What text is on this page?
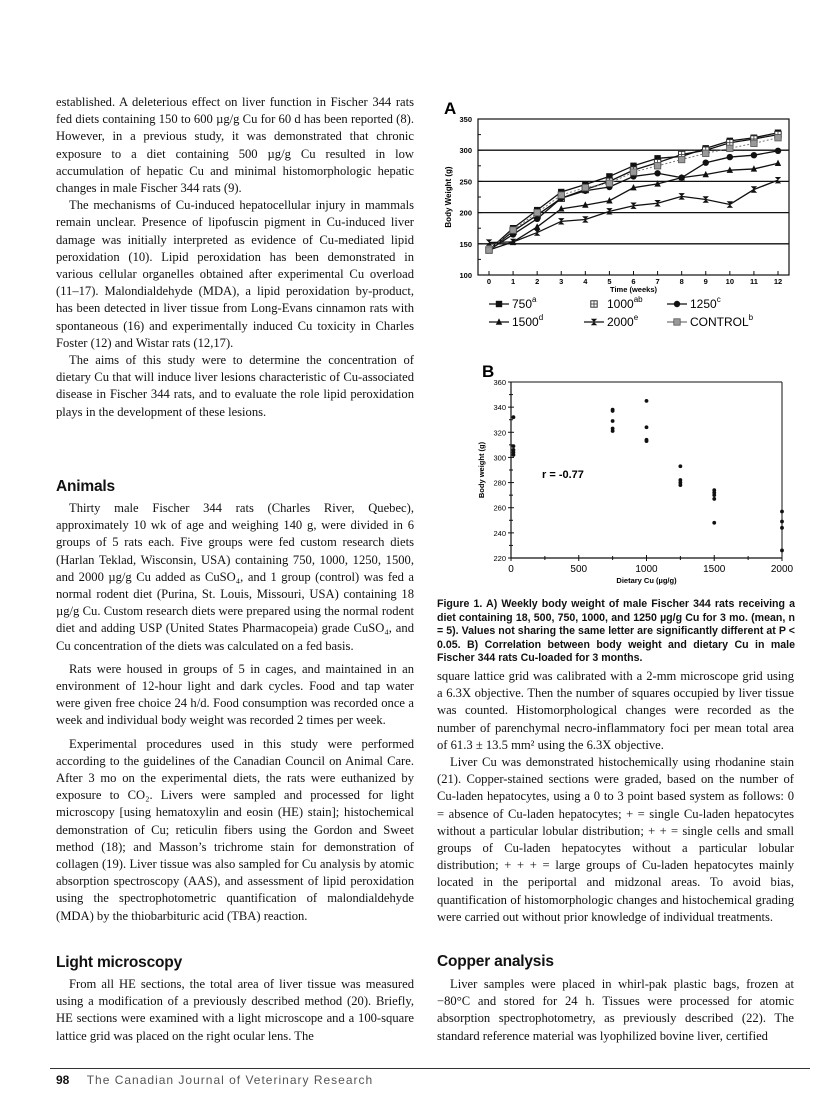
established. A deleterious effect on liver function in Fischer 344 rats fed diets containing 150 to 600 µg/g Cu for 60 d has been reported (8). However, in a previous study, it was demonstrated that chronic exposure to a diet containing 500 µg/g Cu resulted in low accumulation of hepatic Cu and minimal histomorphologic hepatic changes in male Fischer 344 rats (9).

The mechanisms of Cu-induced hepatocellular injury in mammals remain unclear. Presence of lipofuscin pigment in Cu-induced liver damage was initially interpreted as evidence of Cu-mediated lipid peroxidation (10). Lipid peroxidation has been demonstrated in various cellular organelles obtained after experimental Cu overload (11–17). Malondialdehyde (MDA), a lipid peroxidation by-product, has been detected in liver tissue from Long-Evans cinnamon rats with spontaneous (16) and experimentally induced Cu toxicity in Charles Foster (12) and Wistar rats (12,17).

The aims of this study were to determine the concentration of dietary Cu that will induce liver lesions characteristic of Cu-associated disease in Fischer 344 rats, and to evaluate the role lipid peroxidation plays in the development of these lesions.

Animals

Thirty male Fischer 344 rats (Charles River, Quebec), approximately 10 wk of age and weighing 140 g, were divided in 6 groups of 5 rats each. Five groups were fed custom research diets (Harlan Teklad, Wisconsin, USA) containing 750, 1000, 1250, 1500, and 2000 µg/g Cu added as CuSO₄, and 1 group (control) was fed a normal rodent diet (Purina, St. Louis, Missouri, USA) containing 18 µg/g Cu. Custom research diets were prepared using the normal rodent diet and adding USP (United States Pharmacopeia) grade CuSO₄, and Cu concentration of the diets was calculated on a fed basis.

Rats were housed in groups of 5 in cages, and maintained in an environment of 12-hour light and dark cycles. Food and tap water were given free choice 24 h/d. Food consumption was recorded once a week and individual body weight was recorded 2 times per week.

Experimental procedures used in this study were performed according to the guidelines of the Canadian Council on Animal Care. After 3 mo on the experimental diets, the rats were euthanized by exposure to CO₂. Livers were sampled and processed for light microscopy [using hematoxylin and eosin (HE) stain]; histochemical demonstration of Cu; reticulin fibers using the Gordon and Sweet method (18); and Masson’s trichrome stain for demonstration of collagen (19). Liver tissue was also sampled for Cu analysis by atomic absorption spectroscopy (AAS), and assessment of lipid peroxidation using the spectrophotometric quantification of malondialdehyde (MDA) by the thiobarbituric acid (TBA) reaction.

Light microscopy

From all HE sections, the total area of liver tissue was measured using a modification of a previously described method (20). Briefly, HE sections were examined with a light microscope and a 100-square lattice grid was placed on the right ocular lens. The

A
100
150
200
250
300
350
0	1	2	3	4	5	6	7	8	9 10 11 12
Time (weeks)
Body Weight (g)
750$^a$	$1000^{ab}$	1250$^c$
1500$^d$	2000e	CONTROL$^b$
B
220
240
260
280
300
320
340
360
0	500	1000	1500	2000
Dietary Cu (µg/g)
Body weight (g)	r = -0.77
Figure 1. A) Weekly body weight of male Fischer 344 rats receiving a diet containing 18, 500, 750, 1000, and 1250 µg/g Cu for 3 mo. (mean, n = 5). Values not sharing the same letter are significantly different at P < 0.05. B) Correlation between body weight and dietary Cu in male Fischer 344 rats Cu-loaded for 3 months.

square lattice grid was calibrated with a 2-mm microscope grid using a 6.3X objective. Then the number of squares occupied by liver tissue was counted. Histomorphological changes were recorded as the number of parenchymal necro-inflammatory foci per mean total area of 61.3 ± 13.5 mm² using the 6.3X objective.

Liver Cu was demonstrated histochemically using rhodanine stain (21). Copper-stained sections were graded, based on the number of Cu-laden hepatocytes, using a 0 to 3 point based system as follows: 0 = absence of Cu-laden hepatocytes; + = single Cu-laden hepatocytes without a particular lobular distribution; + + = single cells and small groups of Cu-laden hepatocytes without a particular lobular distribution; + + + = large groups of Cu-laden hepatocytes mainly located in the periportal and midzonal areas. To avoid bias, quantification of histomorphologic changes and histochemical grading were carried out without prior knowledge of individual treatments.

Copper analysis

Liver samples were placed in whirl-pak plastic bags, frozen at −80°C and stored for 24 h. Tissues were processed for atomic absorption spectrophotometry, as previously described (22). The standard reference material was lyophilized bovine liver, certified

98 The Canadian Journal of Veterinary Research
